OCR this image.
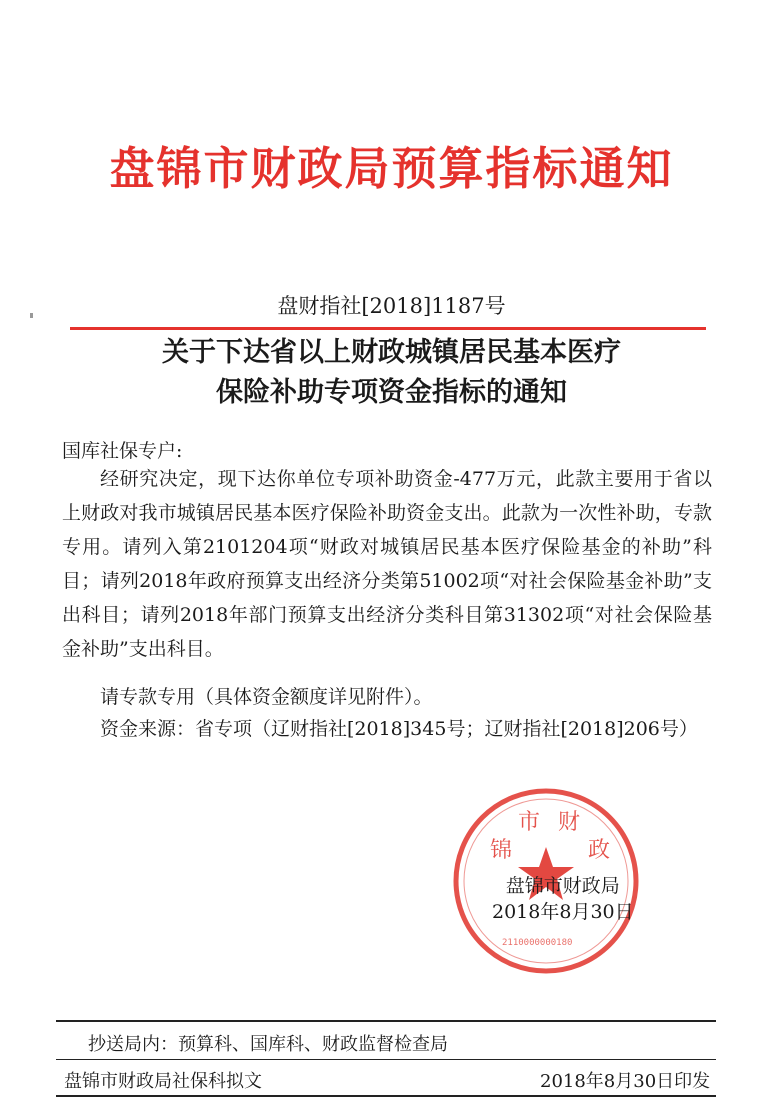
盘锦市财政局预算指标通知
盘财指社[2018]1187号
关于下达省以上财政城镇居民基本医疗
保险补助专项资金指标的通知
国库社保专户:

经研究决定，现下达你单位专项补助资金-477万元，此款主要用于省以上财政对我市城镇居民基本医疗保险补助资金支出。此款为一次性补助，专款专用。请列入第2101204项“财政对城镇居民基本医疗保险基金的补助”科目；请列2018年政府预算支出经济分类第51002项“对社会保险基金补助”支出科目；请列2018年部门预算支出经济分类科目第31302项“对社会保险基金补助”支出科目。

请专款专用（具体资金额度详见附件）。

资金来源：省专项（辽财指社[2018]345号；辽财指社[2018]206号）

锦
市 财
政
2110000000180
盘锦市财政局
2018年8月30日
抄送局内：预算科、国库科、财政监督检查局
盘锦市财政局社保科拟文	2018年8月30日印发
